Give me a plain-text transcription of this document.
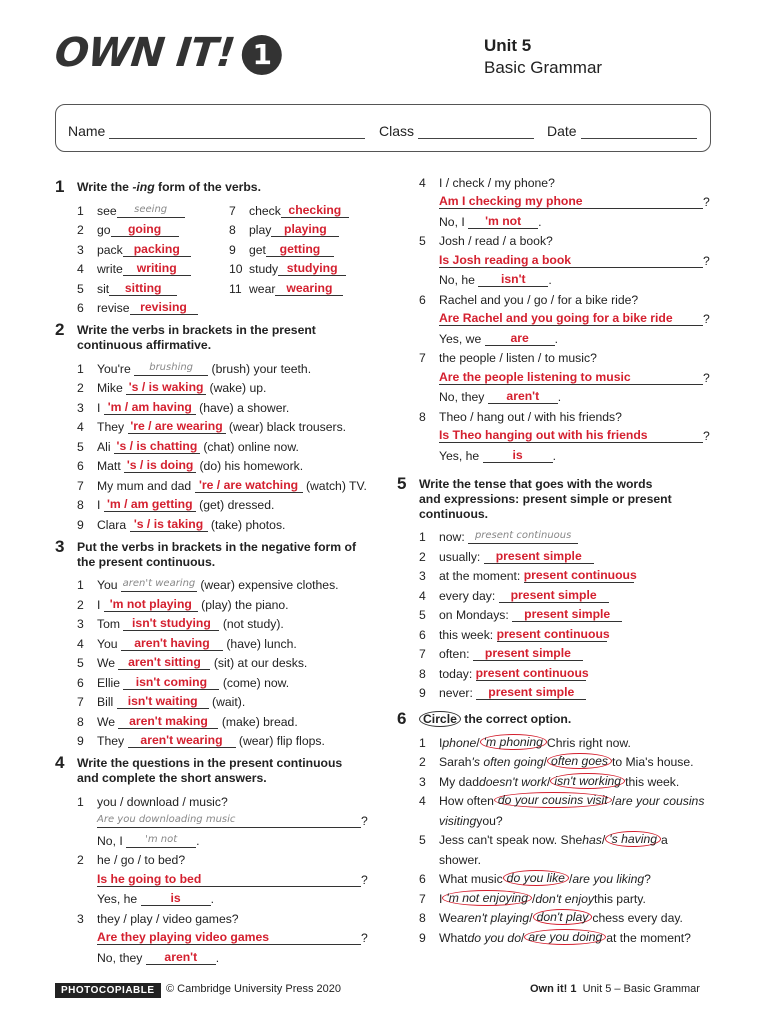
OWN IT! 1	Unit 5
Basic Grammar
Name	Class	Date
1 Write the -ing form of the verbs.
1	see	seeing
2	go	going
3	pack packing
4	write	writing
5	sit	sitting
6	revise revising
7	check checking
8	play	playing
9	get	getting
10 study studying
11 wear wearing
2 Write the verbs in brackets in the present
continuous affirmative.
1	You're
	brushing
	(brush) your teeth.
2	Mike
's / is waking
(wake) up.
3	I
'm / am having
(have) a shower.
4	They
're / are wearing
(wear) black trousers.
5	Ali
's / is chatting
(chat) online now.
6	Matt
's / is doing
(do) his homework.
7	My mum and dad
're / are watching
(watch) TV.
8	I
'm / am getting
(get) dressed.
9	Clara
's / is taking
(take) photos.
3 Put the verbs in brackets in the negative form of
the present continuous.
1	You
aren't wearing
(wear) expensive clothes.
2	I
'm not playing
(play) the piano.
3	Tom
isn't studying
(not study).
4	You
	aren't having
	(have) lunch.
5	We
	aren't sitting
	(sit) at our desks.
6	Ellie
	isn't coming
	(come) now.
7	Bill
	isn't waiting
	(wait).
8	We
	aren't making
	(make) bread.
9	They
	aren't wearing
	(wear) flip flops.
4 Write the questions in the present continuous
and complete the short answers.
1	you / download / music?
Are you downloading music	?
No, I
	'm not	.
2	he / go / to bed?
Is he going to bed	?
Yes, he
	is	.
3	they / play / video games?
Are they playing video games	?
No, they
	aren't	.
4	I / check / my phone?
Am I checking my phone	?
No, I
	'm not	.
5	Josh / read / a book?
Is Josh reading a book	?
No, he
	isn't	.
6	Rachel and you / go / for a bike ride?
Are Rachel and you going for a bike ride	?
Yes, we
	are	.
7	the people / listen / to music?
Are the people listening to music	?
No, they
	aren't	.
8	Theo / hang out / with his friends?
Is Theo hanging out with his friends	?
Yes, he
	is	.
5 Write the tense that goes with the words
and expressions: present simple or present
continuous.
1	now:
	present continuous
2	usually:
	present simple
3	at the moment:
present continuous
4	every day:
	present simple
5	on Mondays:
	present simple
6	this week:
present continuous
7	often:
	present simple
8	today:
present continuous
9	never:
	present simple
6	Circle the correct option.
1	I phone / 'm phoning Chris right now.
2	Sarah 's often going / often goes to Mia's house.
3	My dad doesn't work / isn't working this week.
4	How often do your cousins visit / are your cousins
visiting you?
5	Jess can't speak now. She has / 's having a
shower.
6	What music do you like / are you liking ?
7	I 'm not enjoying / don't enjoy this party.
8	We aren't playing / don't play chess every day.
9	What do you do / are you doing at the moment?
PHOTOCOPIABLE	© Cambridge University Press 2020	Own it! 1 Unit 5 – Basic Grammar
